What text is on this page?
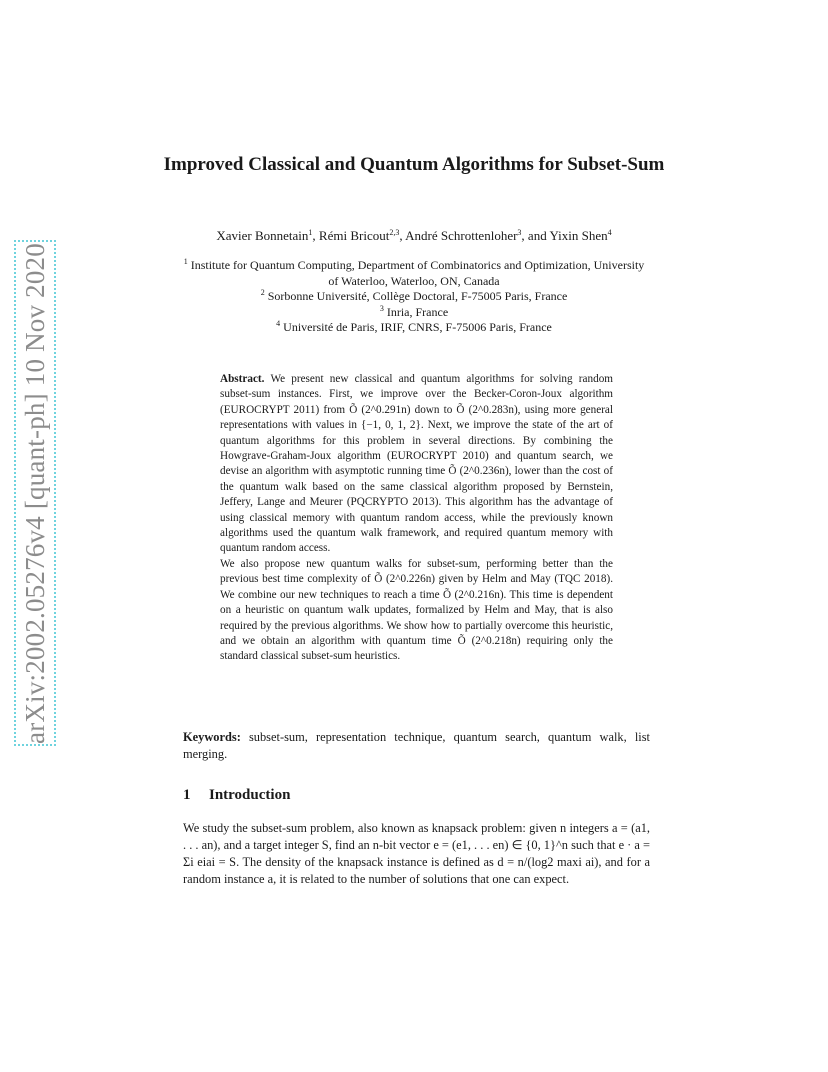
arXiv:2002.05276v4 [quant-ph] 10 Nov 2020
Improved Classical and Quantum Algorithms for Subset-Sum
Xavier Bonnetain$^1$, Rémi Bricout$^{2,3}$, André Schrottenloher$^3$, and Yixin Shen$^4$
$^1$ Institute for Quantum Computing, Department of Combinatorics and Optimization, University of Waterloo, Waterloo, ON, Canada
$^2$ Sorbonne Université, Collège Doctoral, F-75005 Paris, France
$^3$ Inria, France
$^4$ Université de Paris, IRIF, CNRS, F-75006 Paris, France

Abstract. We present new classical and quantum algorithms for solving random subset-sum instances. First, we improve over the Becker-Coron-Joux algorithm (EUROCRYPT 2011) from Õ (2^0.291n) down to Õ (2^0.283n), using more general representations with values in {−1, 0, 1, 2}. Next, we improve the state of the art of quantum algorithms for this problem in several directions. By combining the Howgrave-Graham-Joux algorithm (EUROCRYPT 2010) and quantum search, we devise an algorithm with asymptotic running time Õ (2^0.236n), lower than the cost of the quantum walk based on the same classical algorithm proposed by Bernstein, Jeffery, Lange and Meurer (PQCRYPTO 2013). This algorithm has the advantage of using classical memory with quantum random access, while the previously known algorithms used the quantum walk framework, and required quantum memory with quantum random access.

We also propose new quantum walks for subset-sum, performing better than the previous best time complexity of Õ (2^0.226n) given by Helm and May (TQC 2018). We combine our new techniques to reach a time Õ (2^0.216n). This time is dependent on a heuristic on quantum walk updates, formalized by Helm and May, that is also required by the previous algorithms. We show how to partially overcome this heuristic, and we obtain an algorithm with quantum time Õ (2^0.218n) requiring only the standard classical subset-sum heuristics.

Keywords: subset-sum, representation technique, quantum search, quantum walk, list merging.
1 Introduction
We study the subset-sum problem, also known as knapsack problem: given n integers a = (a1, . . . an), and a target integer S, find an n-bit vector e = (e1, . . . en) ∈ {0, 1}^n such that e · a = Σi eiai = S. The density of the knapsack instance is defined as d = n/(log2 maxi ai), and for a random instance a, it is related to the number of solutions that one can expect.
